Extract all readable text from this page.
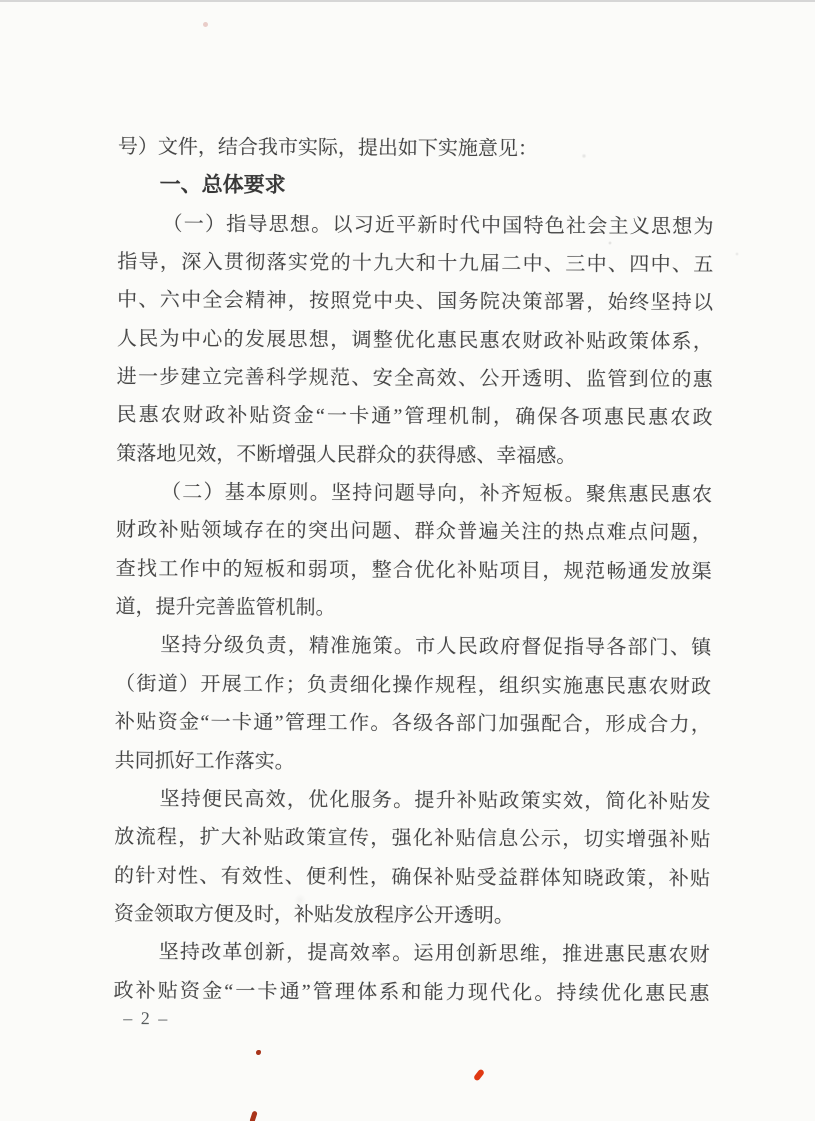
号）文件，结合我市实际，提出如下实施意见：
一、总体要求
（一）指导思想。以习近平新时代中国特色社会主义思想为
指导，深入贯彻落实党的十九大和十九届二中、三中、四中、五
中、六中全会精神，按照党中央、国务院决策部署，始终坚持以
人民为中心的发展思想，调整优化惠民惠农财政补贴政策体系，
进一步建立完善科学规范、安全高效、公开透明、监管到位的惠
民惠农财政补贴资金“一卡通”管理机制，确保各项惠民惠农政
策落地见效，不断增强人民群众的获得感、幸福感。
（二）基本原则。坚持问题导向，补齐短板。聚焦惠民惠农
财政补贴领域存在的突出问题、群众普遍关注的热点难点问题，
查找工作中的短板和弱项，整合优化补贴项目，规范畅通发放渠
道，提升完善监管机制。
坚持分级负责，精准施策。市人民政府督促指导各部门、镇
（街道）开展工作；负责细化操作规程，组织实施惠民惠农财政
补贴资金“一卡通”管理工作。各级各部门加强配合，形成合力，
共同抓好工作落实。
坚持便民高效，优化服务。提升补贴政策实效，简化补贴发
放流程，扩大补贴政策宣传，强化补贴信息公示，切实增强补贴
的针对性、有效性、便利性，确保补贴受益群体知晓政策，补贴
资金领取方便及时，补贴发放程序公开透明。
坚持改革创新，提高效率。运用创新思维，推进惠民惠农财
政补贴资金“一卡通”管理体系和能力现代化。持续优化惠民惠
– 2 –
